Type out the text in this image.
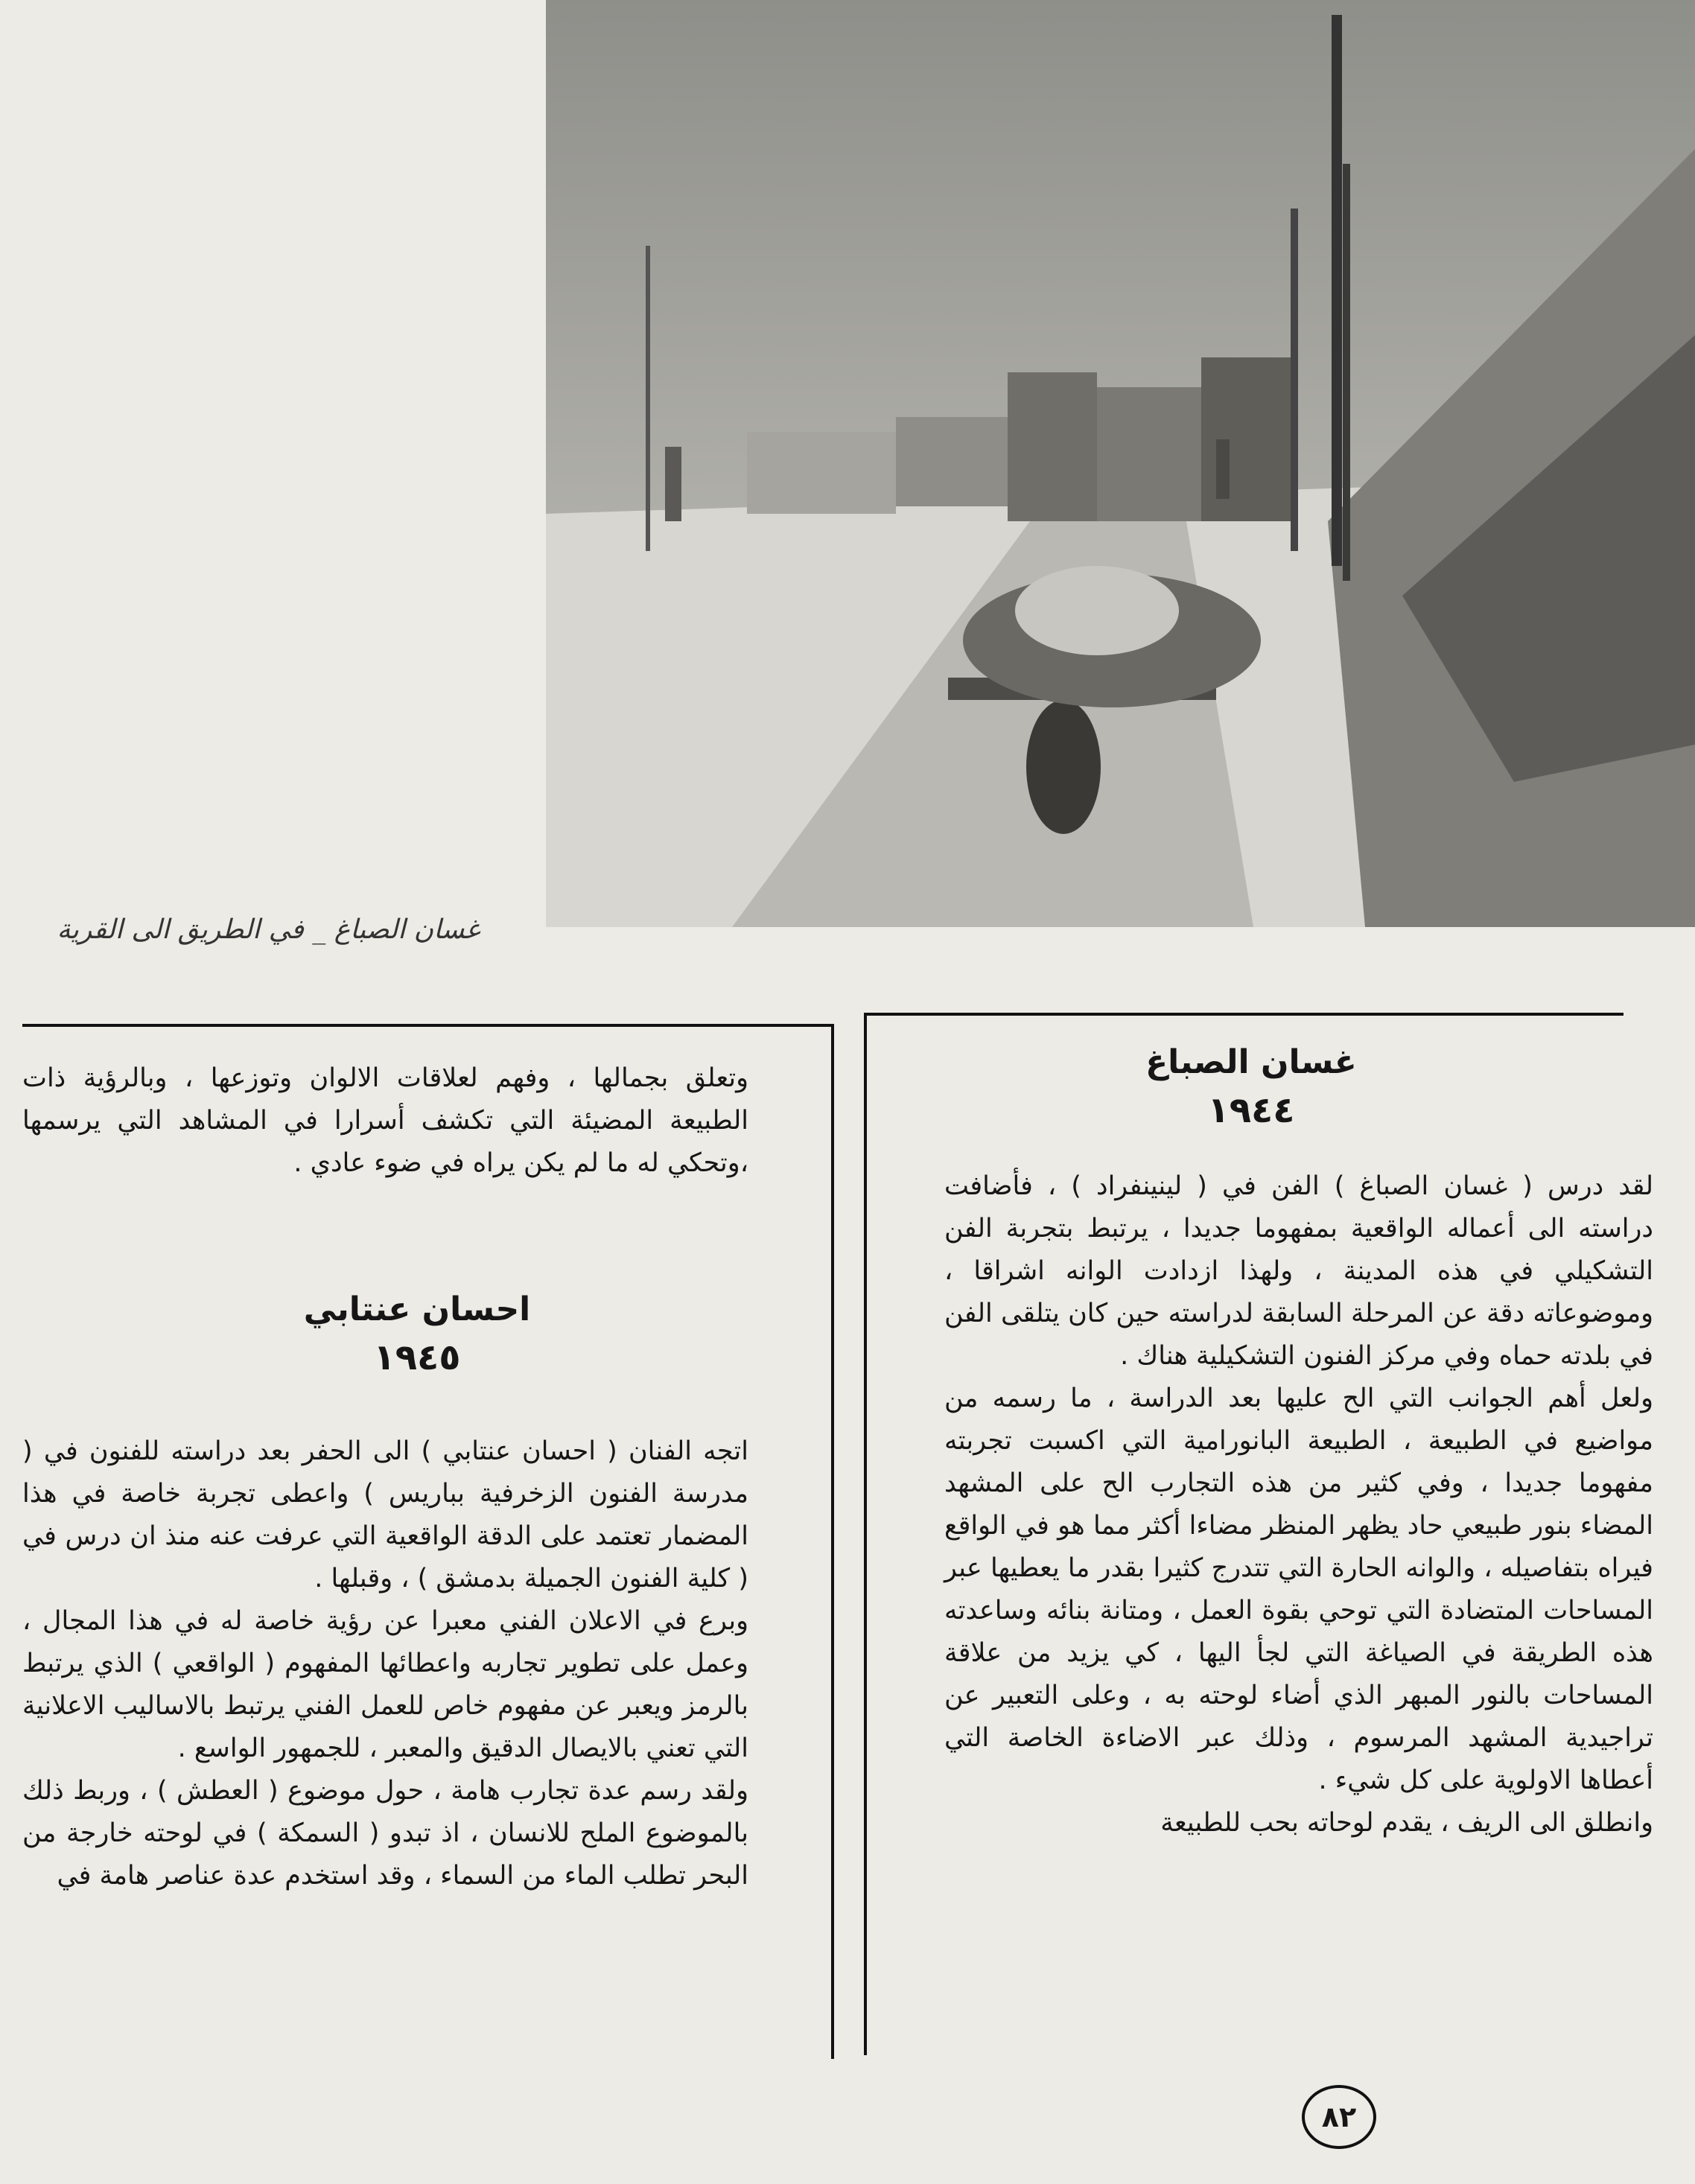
غسان الصباغ _ في الطريق الى القرية
غسان الصباغ
١٩٤٤

لقد درس ( غسان الصباغ ) الفن في ( لينينفراد ) ، فأضافت دراسته الى أعماله الواقعية بمفهوما جديدا ، يرتبط بتجربة الفن التشكيلي في هذه المدينة ، ولهذا ازدادت الوانه اشراقا ، وموضوعاته دقة عن المرحلة السابقة لدراسته حين كان يتلقى الفن في بلدته حماه وفي مركز الفنون التشكيلية هناك .

ولعل أهم الجوانب التي الح عليها بعد الدراسة ، ما رسمه من مواضيع في الطبيعة ، الطبيعة البانورامية التي اكسبت تجربته مفهوما جديدا ، وفي كثير من هذه التجارب الح على المشهد المضاء بنور طبيعي حاد يظهر المنظر مضاءا أكثر مما هو في الواقع فيراه بتفاصيله ، والوانه الحارة التي تتدرج كثيرا بقدر ما يعطيها عبر المساحات المتضادة التي توحي بقوة العمل ، ومتانة بنائه وساعدته هذه الطريقة في الصياغة التي لجأ اليها ، كي يزيد من علاقة المساحات بالنور المبهر الذي أضاء لوحته به ، وعلى التعبير عن تراجيدية المشهد المرسوم ، وذلك عبر الاضاءة الخاصة التي أعطاها الاولوية على كل شيء .

وانطلق الى الريف ، يقدم لوحاته بحب للطبيعة

وتعلق بجمالها ، وفهم لعلاقات الالوان وتوزعها ، وبالرؤية ذات الطبيعة المضيئة التي تكشف أسرارا في المشاهد التي يرسمها ،وتحكي له ما لم يكن يراه في ضوء عادي .

احسان عنتابي
١٩٤٥

اتجه الفنان ( احسان عنتابي ) الى الحفر بعد دراسته للفنون في ( مدرسة الفنون الزخرفية بباريس ) واعطى تجربة خاصة في هذا المضمار تعتمد على الدقة الواقعية التي عرفت عنه منذ ان درس في ( كلية الفنون الجميلة بدمشق ) ، وقبلها .

وبرع في الاعلان الفني معبرا عن رؤية خاصة له في هذا المجال ، وعمل على تطوير تجاربه واعطائها المفهوم ( الواقعي ) الذي يرتبط بالرمز ويعبر عن مفهوم خاص للعمل الفني يرتبط بالاساليب الاعلانية التي تعني بالايصال الدقيق والمعبر ، للجمهور الواسع .

ولقد رسم عدة تجارب هامة ، حول موضوع ( العطش ) ، وربط ذلك بالموضوع الملح للانسان ، اذ تبدو ( السمكة ) في لوحته خارجة من البحر تطلب الماء من السماء ، وقد استخدم عدة عناصر هامة في

٨٢
